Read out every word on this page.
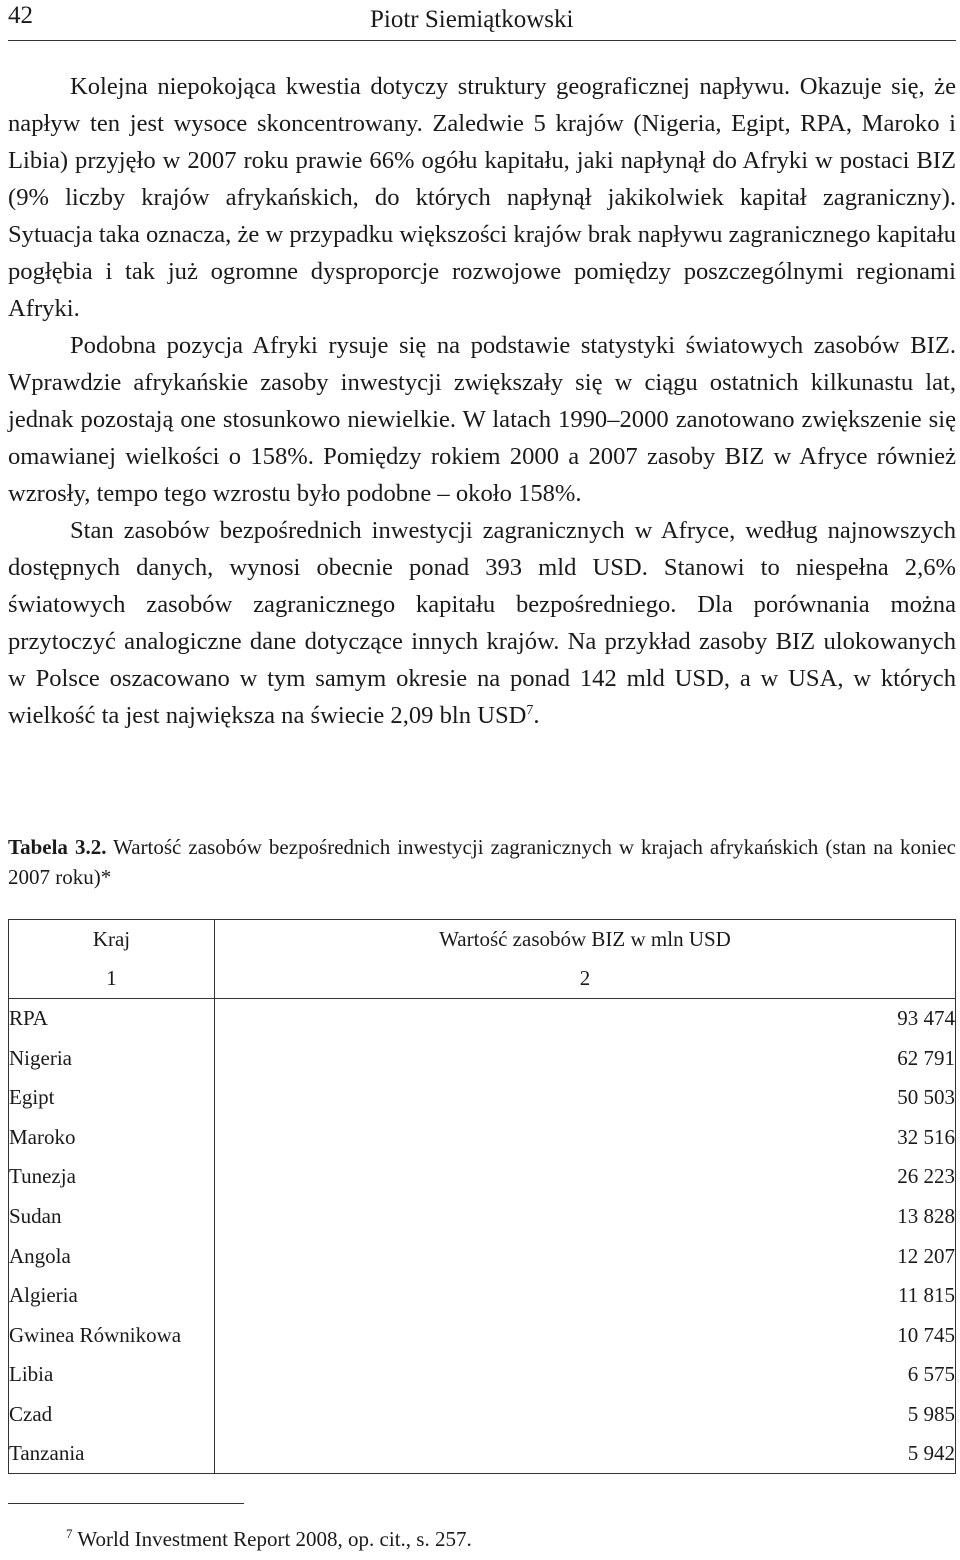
42	Piotr Siemiątkowski

Kolejna niepokojąca kwestia dotyczy struktury geograficznej napływu. Okazuje się, że napływ ten jest wysoce skoncentrowany. Zaledwie 5 krajów (Nigeria, Egipt, RPA, Maroko i Libia) przyjęło w 2007 roku prawie 66% ogółu kapitału, jaki napłynął do Afryki w postaci BIZ (9% liczby krajów afrykańskich, do których napłynął jakikolwiek kapitał zagraniczny). Sytuacja taka oznacza, że w przypadku większości krajów brak napływu zagranicznego kapitału pogłębia i tak już ogromne dysproporcje rozwojowe pomiędzy poszczególnymi regionami Afryki.

Podobna pozycja Afryki rysuje się na podstawie statystyki światowych zasobów BIZ. Wprawdzie afrykańskie zasoby inwestycji zwiększały się w ciągu ostatnich kilkunastu lat, jednak pozostają one stosunkowo niewielkie. W latach 1990–2000 zanotowano zwiększenie się omawianej wielkości o 158%. Pomiędzy rokiem 2000 a 2007 zasoby BIZ w Afryce również wzrosły, tempo tego wzrostu było podobne – około 158%.

Stan zasobów bezpośrednich inwestycji zagranicznych w Afryce, według najnowszych dostępnych danych, wynosi obecnie ponad 393 mld USD. Stanowi to niespełna 2,6% światowych zasobów zagranicznego kapitału bezpośredniego. Dla porównania można przytoczyć analogiczne dane dotyczące innych krajów. Na przykład zasoby BIZ ulokowanych w Polsce oszacowano w tym samym okresie na ponad 142 mld USD, a w USA, w których wielkość ta jest największa na świecie 2,09 bln USD$^7$.

Tabela 3.2. Wartość zasobów bezpośrednich inwestycji zagranicznych w krajach afrykańskich (stan na koniec 2007 roku)*
Kraj	Wartość zasobów BIZ w mln USD
1	2
RPA	93 474
Nigeria	62 791
Egipt	50 503
Maroko	32 516
Tunezja	26 223
Sudan	13 828
Angola	12 207
Algieria	11 815
Gwinea Równikowa	10 745
Libia	6 575
Czad	5 985
Tanzania	5 942
$^7$ World Investment Report 2008, op. cit., s. 257.
